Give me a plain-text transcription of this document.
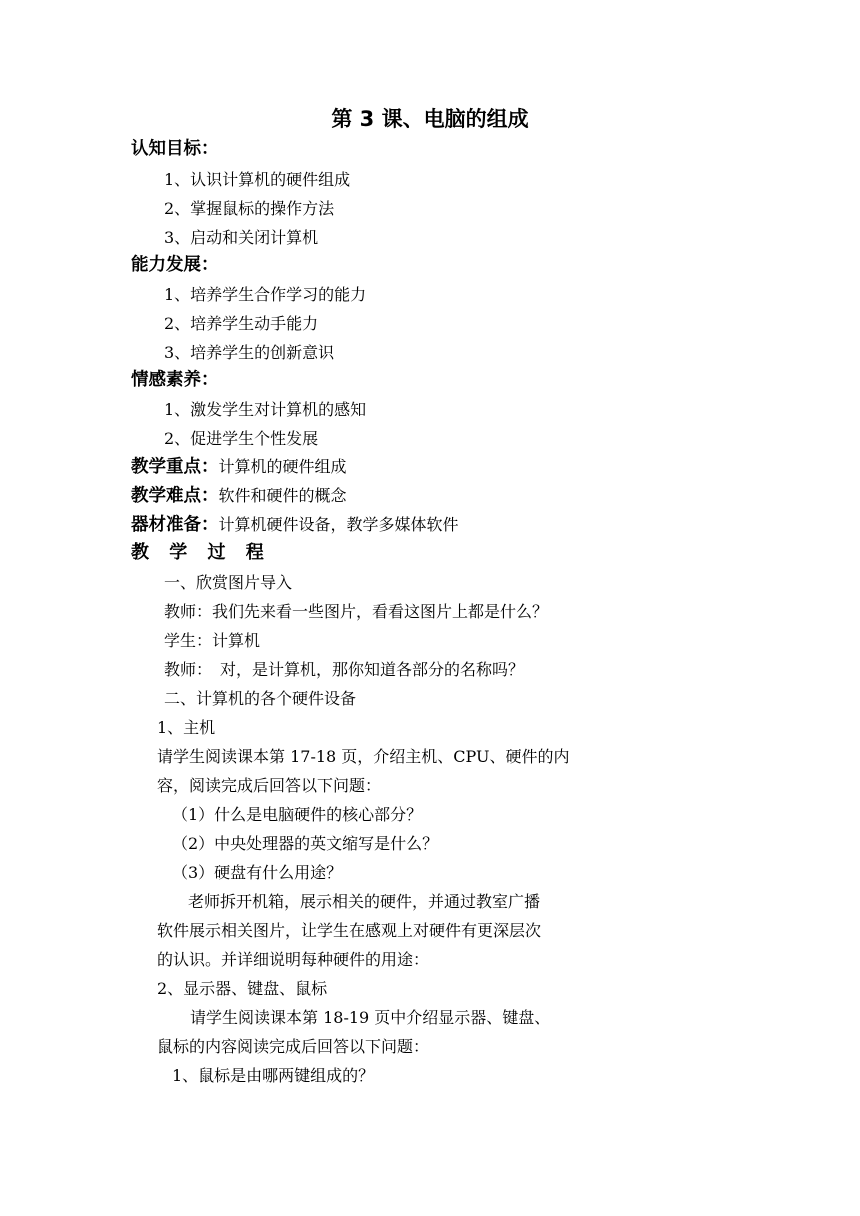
第 3 课、电脑的组成
认知目标：
1、认识计算机的硬件组成
2、掌握鼠标的操作方法
3、启动和关闭计算机
能力发展：
1、培养学生合作学习的能力
2、培养学生动手能力
3、培养学生的创新意识
情感素养：
1、激发学生对计算机的感知
2、促进学生个性发展
教学重点：计算机的硬件组成
教学难点：软件和硬件的概念
器材准备：计算机硬件设备，教学多媒体软件
教 学 过 程
一、欣赏图片导入
教师：我们先来看一些图片，看看这图片上都是什么？
学生：计算机
教师：　对，是计算机，那你知道各部分的名称吗？
二、计算机的各个硬件设备
1、主机
请学生阅读课本第 17-18 页，介绍主机、CPU、硬件的内
容，阅读完成后回答以下问题：
（1）什么是电脑硬件的核心部分？
（2）中央处理器的英文缩写是什么？
（3）硬盘有什么用途？
老师拆开机箱，展示相关的硬件，并通过教室广播
软件展示相关图片，让学生在感观上对硬件有更深层次
的认识。并详细说明每种硬件的用途：
2、显示器、键盘、鼠标
请学生阅读课本第 18-19 页中介绍显示器、键盘、
鼠标的内容阅读完成后回答以下问题：
1、鼠标是由哪两键组成的？
